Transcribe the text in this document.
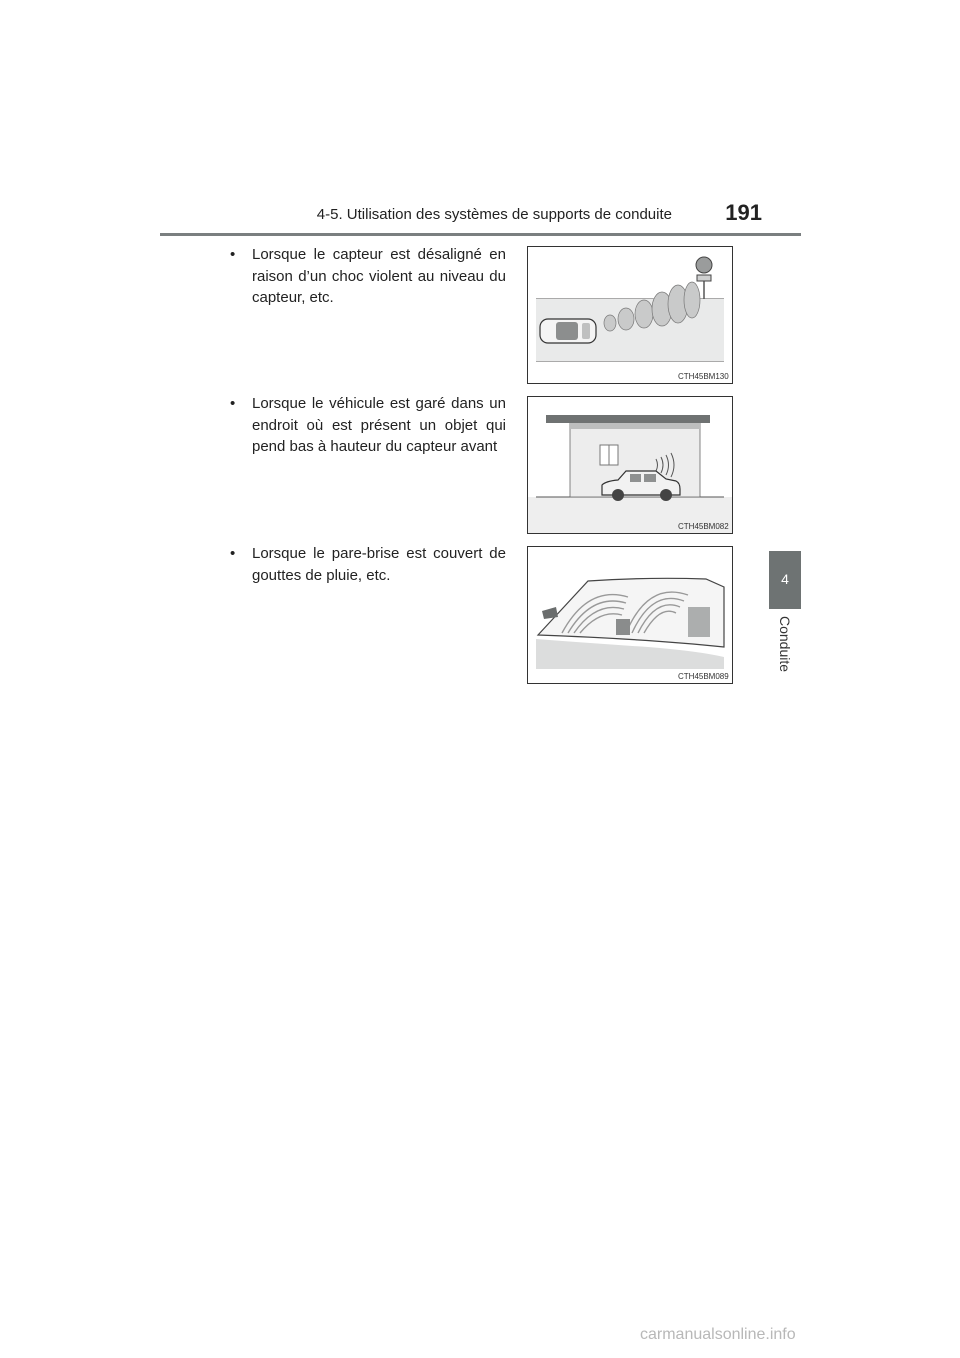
4-5. Utilisation des systèmes de supports de conduite 191
4
Conduite
•	Lorsque le capteur est désaligné en raison d’un choc violent au niveau du capteur, etc.
CTH45BM130
•	Lorsque le véhicule est garé dans un endroit où est présent un objet qui pend bas à hauteur du capteur avant
CTH45BM082
•	Lorsque le pare-brise est couvert de gouttes de pluie, etc.
CTH45BM089
carmanualsonline.info
